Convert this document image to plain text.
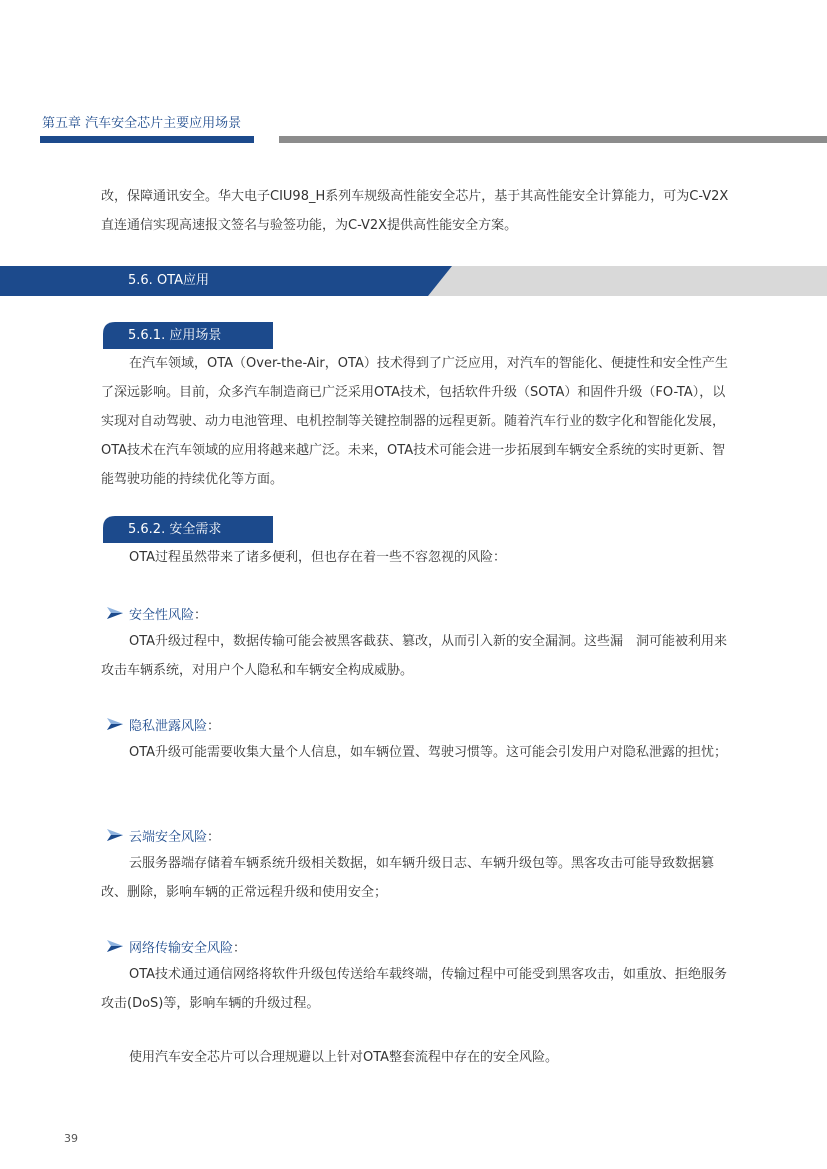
第五章 汽车安全芯片主要应用场景

改，保障通讯安全。华大电子CIU98_H系列车规级高性能安全芯片，基于其高性能安全计算能力，可为C-V2X直连通信实现高速报文签名与验签功能，为C-V2X提供高性能安全方案。

5.6. OTA应用
5.6.1. 应用场景

在汽车领域，OTA（Over-the-Air，OTA）技术得到了广泛应用，对汽车的智能化、便捷性和安全性产生了深远影响。目前，众多汽车制造商已广泛采用OTA技术，包括软件升级（SOTA）和固件升级（FO-TA），以实现对自动驾驶、动力电池管理、电机控制等关键控制器的远程更新。随着汽车行业的数字化和智能化发展，OTA技术在汽车领域的应用将越来越广泛。未来，OTA技术可能会进一步拓展到车辆安全系统的实时更新、智能驾驶功能的持续优化等方面。

5.6.2. 安全需求

OTA过程虽然带来了诸多便利，但也存在着一些不容忽视的风险：

安全性风险 ：

OTA升级过程中，数据传输可能会被黑客截获、篡改，从而引入新的安全漏洞。这些漏　洞可能被利用来攻击车辆系统，对用户个人隐私和车辆安全构成威胁。

隐私泄露风险 ：

OTA升级可能需要收集大量个人信息，如车辆位置、驾驶习惯等。这可能会引发用户对隐私泄露的担忧；

云端安全风险 ：

云服务器端存储着车辆系统升级相关数据，如车辆升级日志、车辆升级包等。黑客攻击可能导致数据篡改、删除，影响车辆的正常远程升级和使用安全；

网络传输安全风险 ：

OTA技术通过通信网络将软件升级包传送给车载终端，传输过程中可能受到黑客攻击，如重放、拒绝服务攻击(DoS)等，影响车辆的升级过程。

使用汽车安全芯片可以合理规避以上针对OTA整套流程中存在的安全风险。

39
